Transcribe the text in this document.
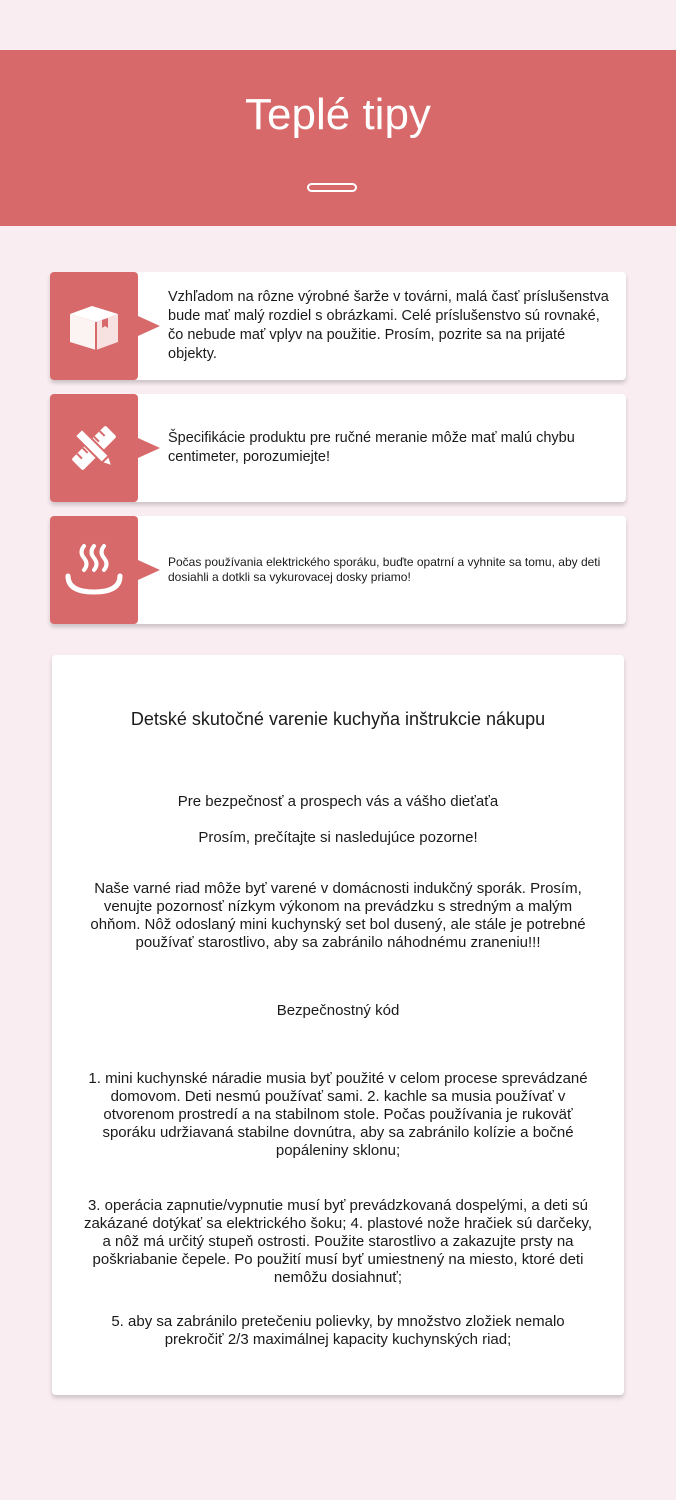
Teplé tipy

Vzhľadom na rôzne výrobné šarže v továrni, malá časť príslušenstva bude mať malý rozdiel s obrázkami. Celé príslušenstvo sú rovnaké, čo nebude mať vplyv na použitie. Prosím, pozrite sa na prijaté objekty.

Špecifikácie produktu pre ručné meranie môže mať malú chybu centimeter, porozumiejte!

Počas používania elektrického sporáku, buďte opatrní a vyhnite sa tomu, aby deti dosiahli a dotkli sa vykurovacej dosky priamo!

Detské skutočné varenie kuchyňa inštrukcie nákupu

Pre bezpečnosť a prospech vás a vášho dieťaťa

Prosím, prečítajte si nasledujúce pozorne!

Naše varné riad môže byť varené v domácnosti indukčný sporák. Prosím, venujte pozornosť nízkym výkonom na prevádzku s stredným a malým ohňom. Nôž odoslaný mini kuchynský set bol dusený, ale stále je potrebné používať starostlivo, aby sa zabránilo náhodnému zraneniu!!!

Bezpečnostný kód

1. mini kuchynské náradie musia byť použité v celom procese sprevádzané domovom. Deti nesmú používať sami. 2. kachle sa musia používať v otvorenom prostredí a na stabilnom stole. Počas používania je rukoväť sporáku udržiavaná stabilne dovnútra, aby sa zabránilo kolízie a bočné popáleniny sklonu;

3. operácia zapnutie/vypnutie musí byť prevádzkovaná dospelými, a deti sú zakázané dotýkať sa elektrického šoku; 4. plastové nože hračiek sú darčeky, a nôž má určitý stupeň ostrosti. Použite starostlivo a zakazujte prsty na poškriabanie čepele. Po použití musí byť umiestnený na miesto, ktoré deti nemôžu dosiahnuť;

5. aby sa zabránilo pretečeniu polievky, by množstvo zložiek nemalo prekročiť 2/3 maximálnej kapacity kuchynských riad;
